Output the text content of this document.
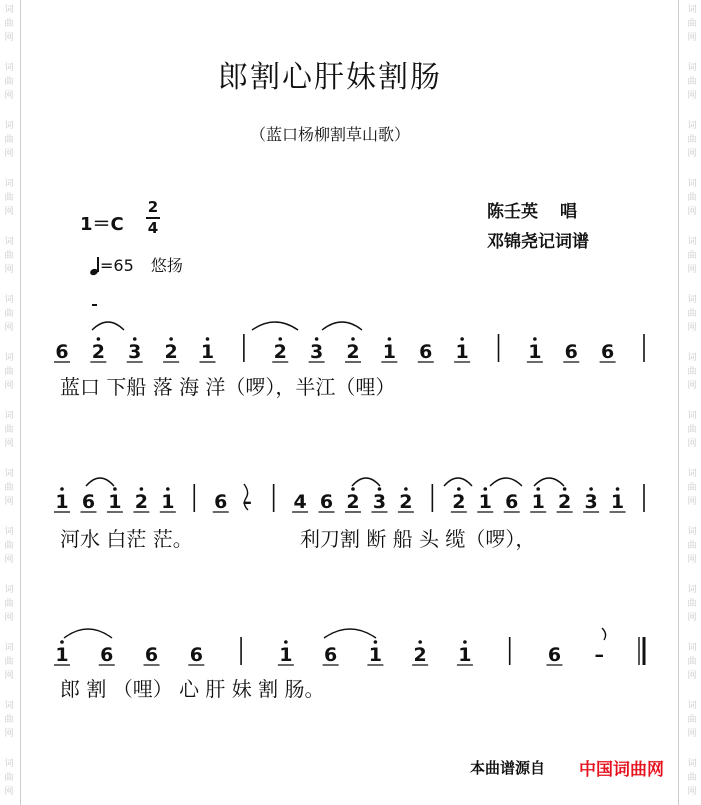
词
曲
网
词
曲
网
词
曲
网
词
曲
网
词
曲
网
词
曲
网
词
曲
网
词
曲
网
词
曲
网
词
曲
网
词
曲
网
词
曲
网
词
曲
网
词
曲
网
词
曲
网
词
曲
网
词
曲
网
词
曲
网
词
曲
网
词
曲
网
词
曲
网
词
曲
网
词
曲
网
词
曲
网
词
曲
网
词
曲
网
词
曲
网
词
曲
网
郎割心肝妹割肠
（蓝口杨柳割草山歌）
1＝C
2
4
=65 悠扬
陈壬英 唱
邓锦尧记词谱
6 2 3 2 1	2 3 2 1 6 1	1 6 6
1 6 1 2 1 6 – 4 6 2 3 2 2 1 6 1 2 3 1
1 6 6 6	1 6 1 2 1	6 –
蓝口 下船 落 海 洋（啰），半江（哩）
河水 白茫 茫。	利刀割 断 船 头 缆（啰），
郎 割 （哩） 心 肝 妹 割 肠。
本曲谱源自 中国词曲网
